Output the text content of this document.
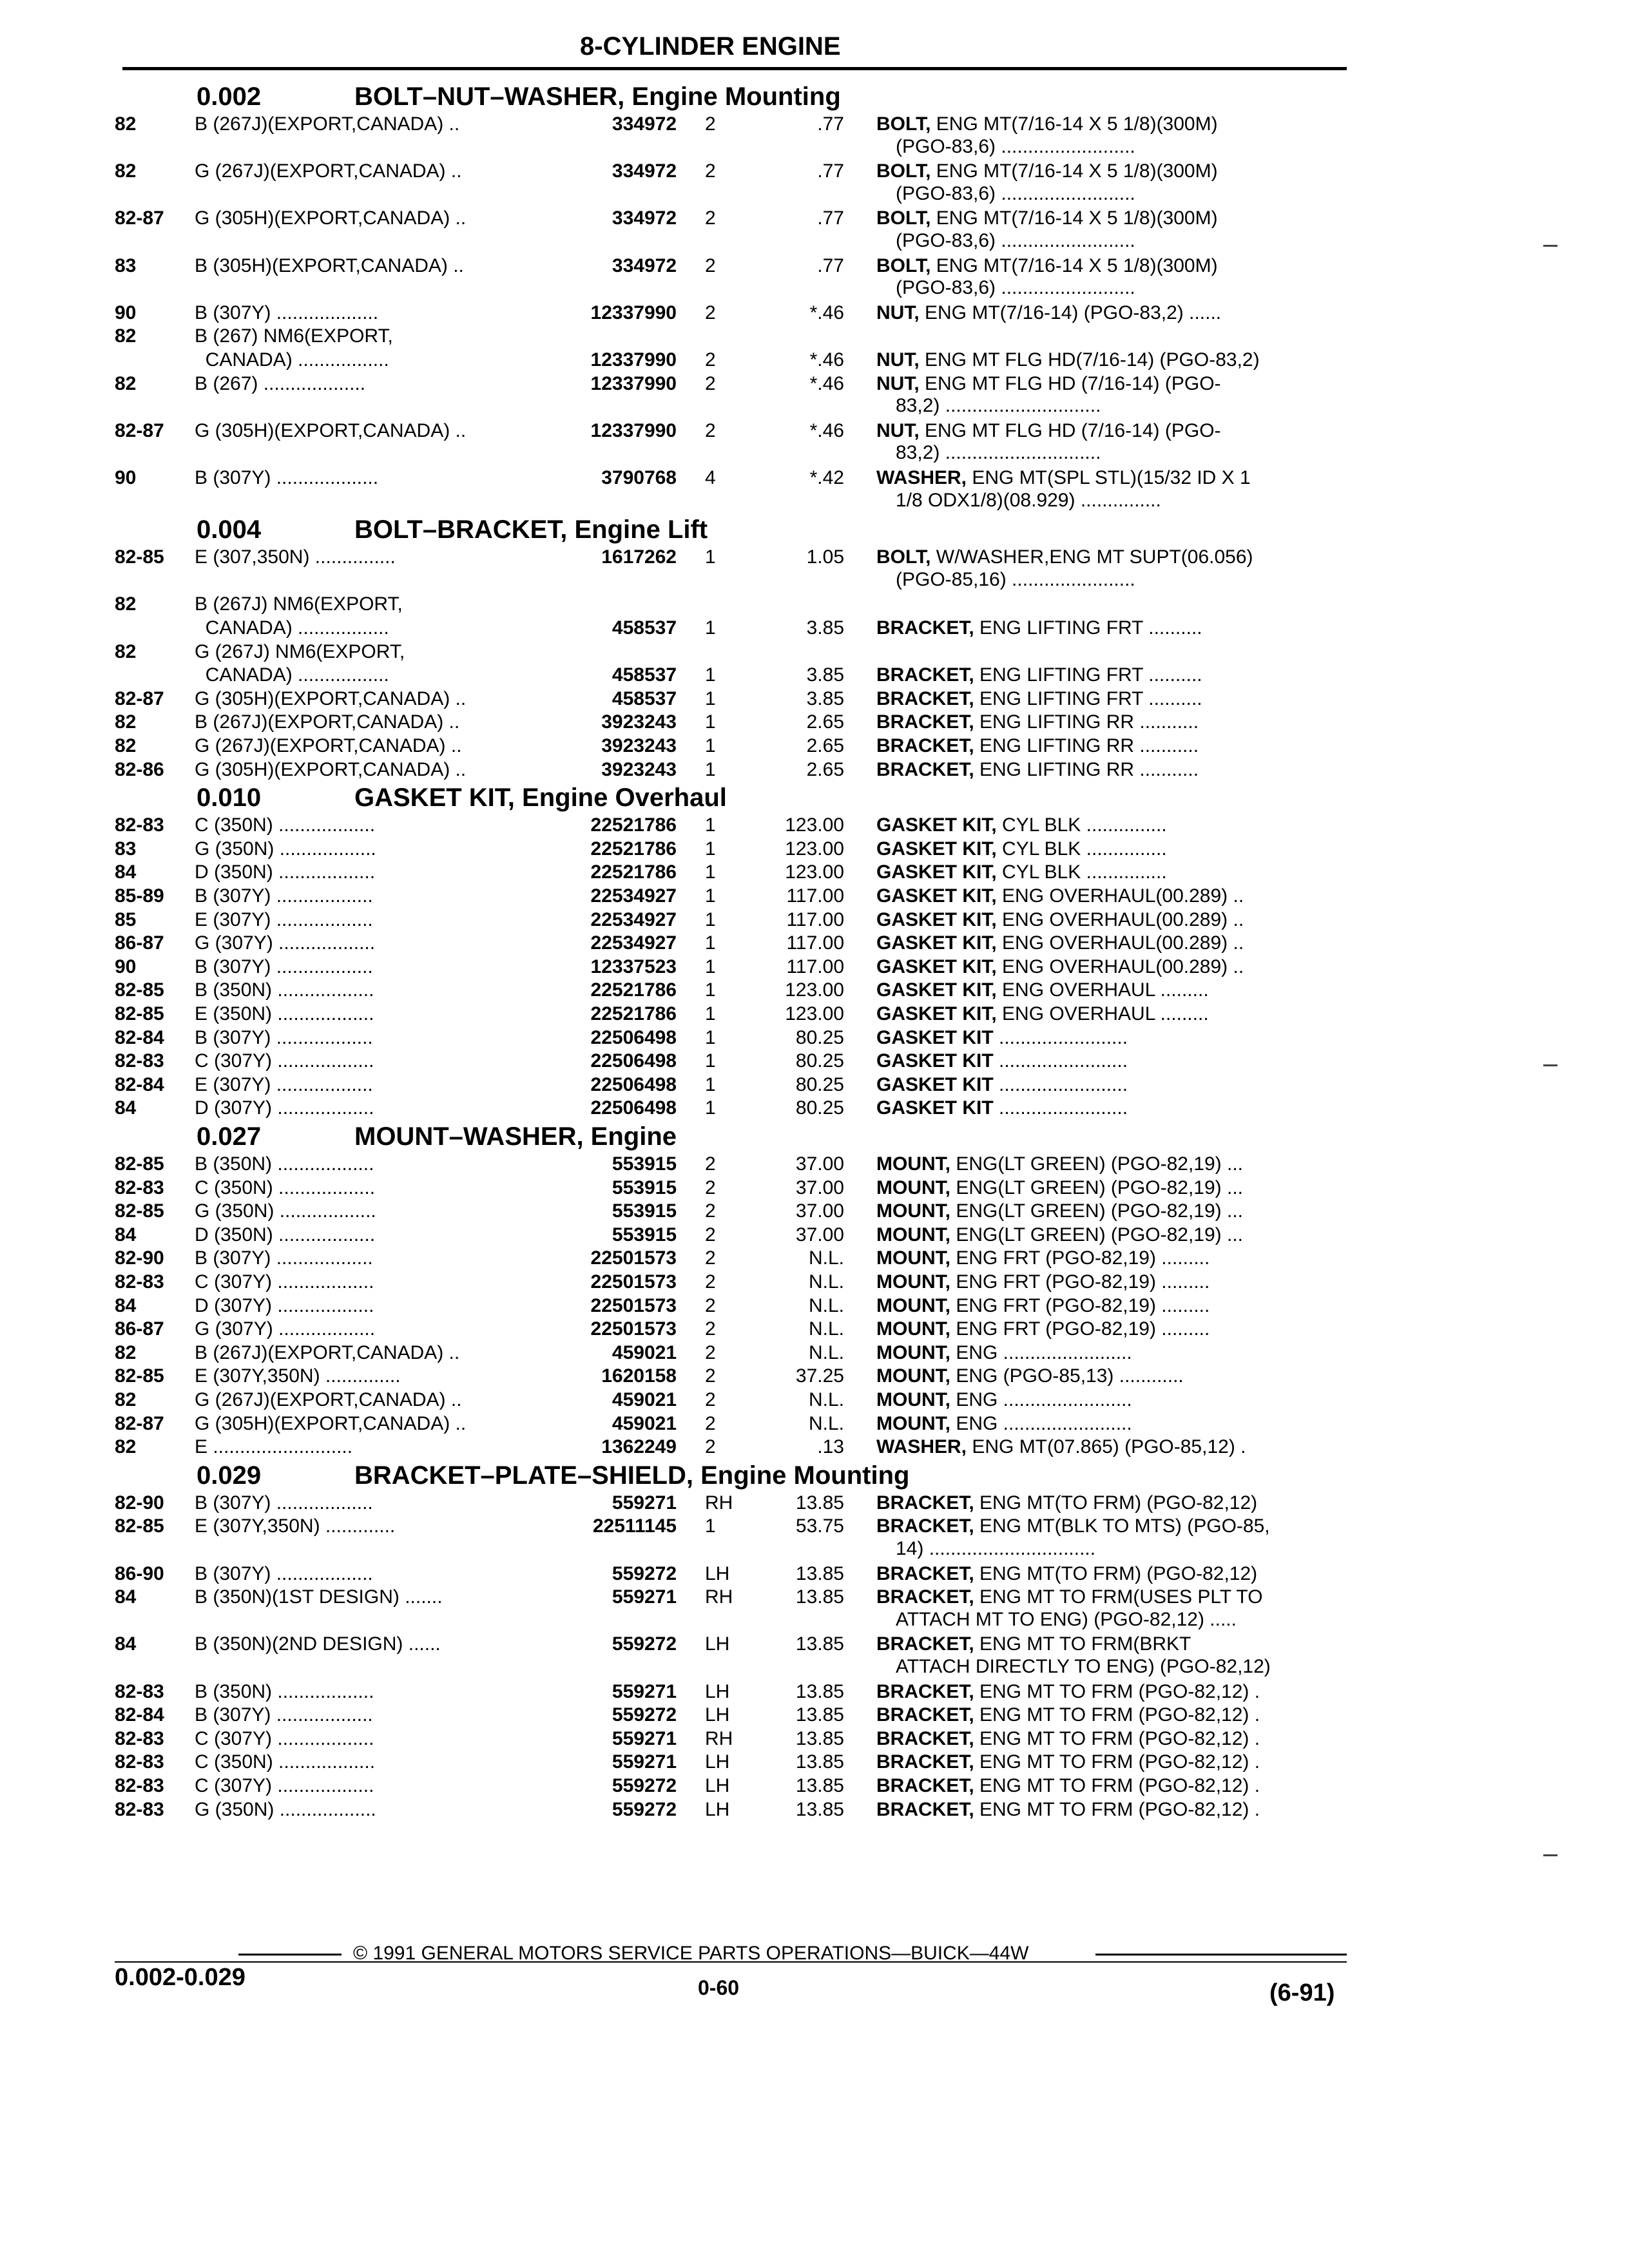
8-CYLINDER ENGINE
0.002	BOLT–NUT–WASHER, Engine Mounting
82	B (267J)(EXPORT,CANADA) ..	334972 2	.77 BOLT, ENG MT(7/16-14 X 5 1/8)(300M)
(PGO-83,6) .........................
82	G (267J)(EXPORT,CANADA) ..	334972 2	.77 BOLT, ENG MT(7/16-14 X 5 1/8)(300M)
(PGO-83,6) .........................
82-87 G (305H)(EXPORT,CANADA) ..	334972 2	.77 BOLT, ENG MT(7/16-14 X 5 1/8)(300M)
(PGO-83,6) .........................
83	B (305H)(EXPORT,CANADA) ..	334972 2	.77 BOLT, ENG MT(7/16-14 X 5 1/8)(300M)
(PGO-83,6) .........................
90	B (307Y) ...................	12337990 2	*.46 NUT, ENG MT(7/16-14) (PGO-83,2) ......
82	B (267) NM6(EXPORT,
CANADA) .................	12337990 2	*.46 NUT, ENG MT FLG HD(7/16-14) (PGO-83,2)
82	B (267) ...................	12337990 2	*.46 NUT, ENG MT FLG HD (7/16-14) (PGO-
83,2) .............................
82-87 G (305H)(EXPORT,CANADA) ..	12337990 2	*.46 NUT, ENG MT FLG HD (7/16-14) (PGO-
83,2) .............................
90	B (307Y) ...................	3790768 4	*.42 WASHER, ENG MT(SPL STL)(15/32 ID X 1
1/8 ODX1/8)(08.929) ...............
0.004	BOLT–BRACKET, Engine Lift
82-85 E (307,350N) ...............	1617262 1	1.05 BOLT, W/WASHER,ENG MT SUPT(06.056)
(PGO-85,16) .......................
82	B (267J) NM6(EXPORT,
CANADA) .................	458537 1	3.85 BRACKET, ENG LIFTING FRT ..........
82	G (267J) NM6(EXPORT,
CANADA) .................	458537 1	3.85 BRACKET, ENG LIFTING FRT ..........
82-87 G (305H)(EXPORT,CANADA) ..	458537 1	3.85 BRACKET, ENG LIFTING FRT ..........
82	B (267J)(EXPORT,CANADA) ..	3923243 1	2.65 BRACKET, ENG LIFTING RR ...........
82	G (267J)(EXPORT,CANADA) ..	3923243 1	2.65 BRACKET, ENG LIFTING RR ...........
82-86 G (305H)(EXPORT,CANADA) ..	3923243 1	2.65 BRACKET, ENG LIFTING RR ...........
0.010	GASKET KIT, Engine Overhaul
82-83 C (350N) ..................	22521786 1	123.00 GASKET KIT, CYL BLK ...............
83	G (350N) ..................	22521786 1	123.00 GASKET KIT, CYL BLK ...............
84	D (350N) ..................	22521786 1	123.00 GASKET KIT, CYL BLK ...............
85-89 B (307Y) ..................	22534927 1	117.00 GASKET KIT, ENG OVERHAUL(00.289) ..
85	E (307Y) ..................	22534927 1	117.00 GASKET KIT, ENG OVERHAUL(00.289) ..
86-87 G (307Y) ..................	22534927 1	117.00 GASKET KIT, ENG OVERHAUL(00.289) ..
90	B (307Y) ..................	12337523 1	117.00 GASKET KIT, ENG OVERHAUL(00.289) ..
82-85 B (350N) ..................	22521786 1	123.00 GASKET KIT, ENG OVERHAUL .........
82-85 E (350N) ..................	22521786 1	123.00 GASKET KIT, ENG OVERHAUL .........
82-84 B (307Y) ..................	22506498 1	80.25 GASKET KIT ........................
82-83 C (307Y) ..................	22506498 1	80.25 GASKET KIT ........................
82-84 E (307Y) ..................	22506498 1	80.25 GASKET KIT ........................
84	D (307Y) ..................	22506498 1	80.25 GASKET KIT ........................
0.027	MOUNT–WASHER, Engine
82-85 B (350N) ..................	553915 2	37.00 MOUNT, ENG(LT GREEN) (PGO-82,19) ...
82-83 C (350N) ..................	553915 2	37.00 MOUNT, ENG(LT GREEN) (PGO-82,19) ...
82-85 G (350N) ..................	553915 2	37.00 MOUNT, ENG(LT GREEN) (PGO-82,19) ...
84	D (350N) ..................	553915 2	37.00 MOUNT, ENG(LT GREEN) (PGO-82,19) ...
82-90 B (307Y) ..................	22501573 2	N.L. MOUNT, ENG FRT (PGO-82,19) .........
82-83 C (307Y) ..................	22501573 2	N.L. MOUNT, ENG FRT (PGO-82,19) .........
84	D (307Y) ..................	22501573 2	N.L. MOUNT, ENG FRT (PGO-82,19) .........
86-87 G (307Y) ..................	22501573 2	N.L. MOUNT, ENG FRT (PGO-82,19) .........
82	B (267J)(EXPORT,CANADA) ..	459021 2	N.L. MOUNT, ENG ........................
82-85 E (307Y,350N) ..............	1620158 2	37.25 MOUNT, ENG (PGO-85,13) ............
82	G (267J)(EXPORT,CANADA) ..	459021 2	N.L. MOUNT, ENG ........................
82-87 G (305H)(EXPORT,CANADA) ..	459021 2	N.L. MOUNT, ENG ........................
82	E ..........................	1362249 2	.13 WASHER, ENG MT(07.865) (PGO-85,12) .
0.029	BRACKET–PLATE–SHIELD, Engine Mounting
82-90 B (307Y) ..................	559271 RH	13.85 BRACKET, ENG MT(TO FRM) (PGO-82,12)
82-85 E (307Y,350N) .............	22511145 1	53.75 BRACKET, ENG MT(BLK TO MTS) (PGO-85,
14) ...............................
86-90 B (307Y) ..................	559272 LH	13.85 BRACKET, ENG MT(TO FRM) (PGO-82,12)
84	B (350N)(1ST DESIGN) .......	559271 RH	13.85 BRACKET, ENG MT TO FRM(USES PLT TO
ATTACH MT TO ENG) (PGO-82,12) .....
84	B (350N)(2ND DESIGN) ......	559272 LH	13.85 BRACKET, ENG MT TO FRM(BRKT
ATTACH DIRECTLY TO ENG) (PGO-82,12)
82-83 B (350N) ..................	559271 LH	13.85 BRACKET, ENG MT TO FRM (PGO-82,12) .
82-84 B (307Y) ..................	559272 LH	13.85 BRACKET, ENG MT TO FRM (PGO-82,12) .
82-83 C (307Y) ..................	559271 RH	13.85 BRACKET, ENG MT TO FRM (PGO-82,12) .
82-83 C (350N) ..................	559271 LH	13.85 BRACKET, ENG MT TO FRM (PGO-82,12) .
82-83 C (307Y) ..................	559272 LH	13.85 BRACKET, ENG MT TO FRM (PGO-82,12) .
82-83 G (350N) ..................	559272 LH	13.85 BRACKET, ENG MT TO FRM (PGO-82,12) .
© 1991 GENERAL MOTORS SERVICE PARTS OPERATIONS—BUICK—44W
0.002-0.029	0-60	(6-91)
